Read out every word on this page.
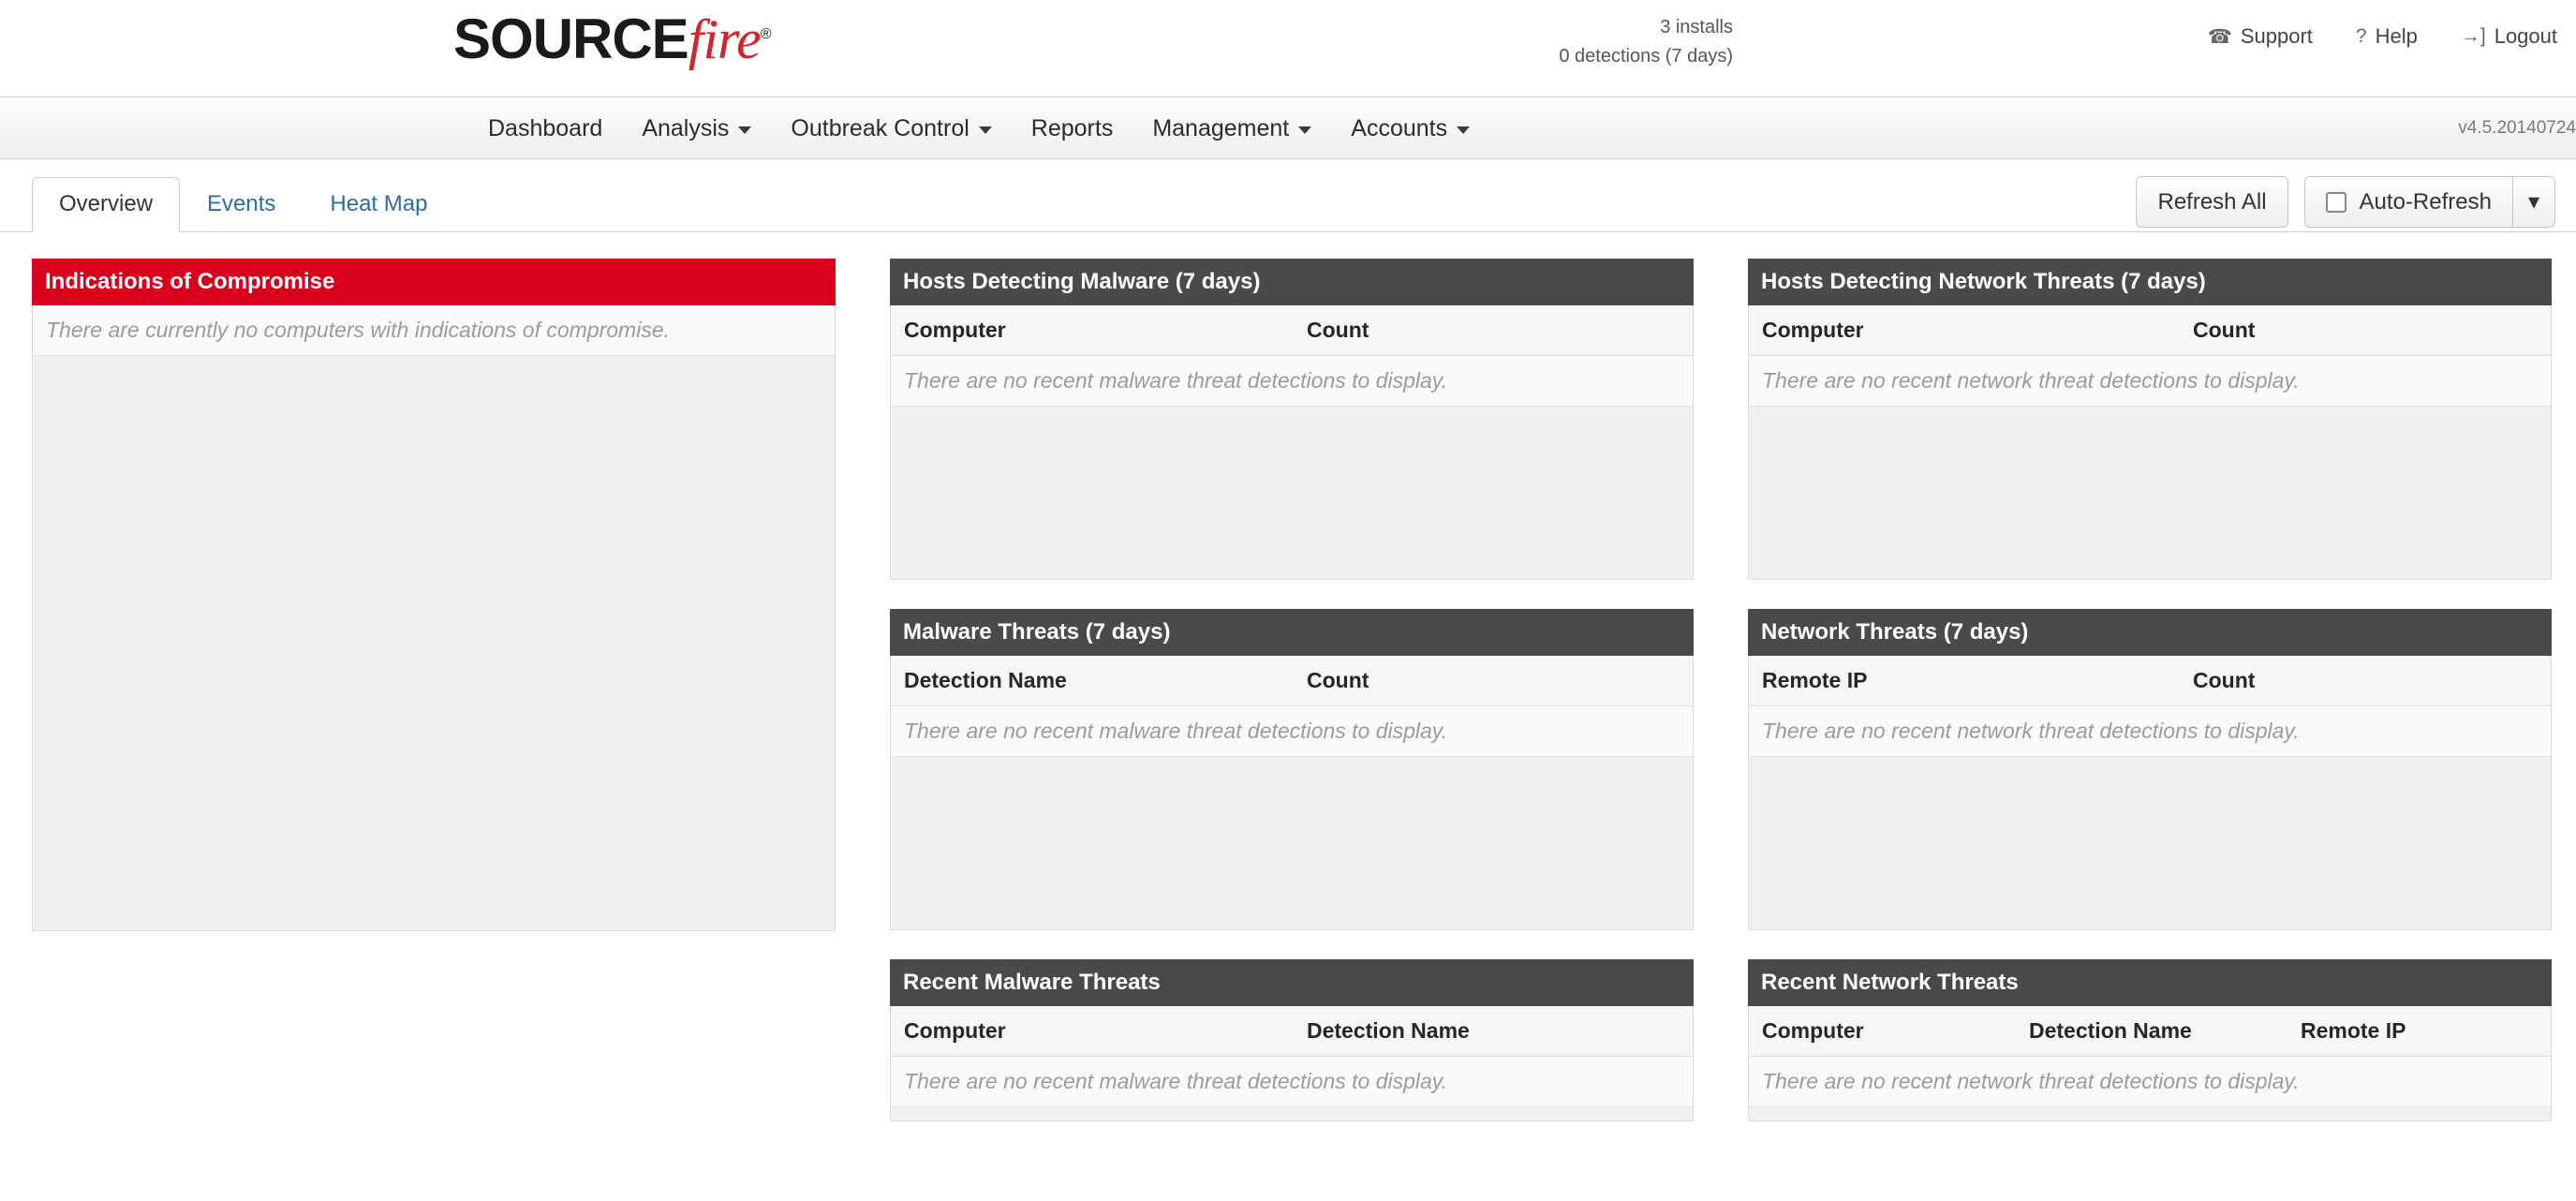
SOURCEfire®	3 installs
0 detections (7 days)
☎ Support ? Help →] Logout
Dashboard Analysis	Outbreak Control	Reports Management	Accounts	v4.5.20140724
Overview	Events	Heat Map	Refresh All	Auto-Refresh ▾
Indications of Compromise
There are currently no computers with indications of compromise.
Hosts Detecting Malware (7 days)
Computer	Count
There are no recent malware threat detections to display.
Malware Threats (7 days)
Detection Name	Count
There are no recent malware threat detections to display.
Recent Malware Threats
Computer	Detection Name
There are no recent malware threat detections to display.
Hosts Detecting Network Threats (7 days)
Computer	Count
There are no recent network threat detections to display.
Network Threats (7 days)
Remote IP	Count
There are no recent network threat detections to display.
Recent Network Threats
Computer	Detection Name	Remote IP
There are no recent network threat detections to display.
